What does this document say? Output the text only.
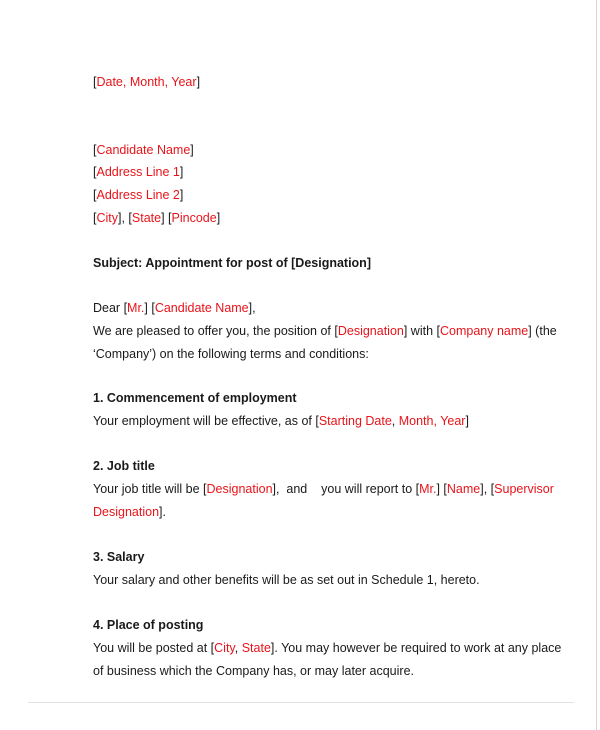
[Date, Month, Year]
[Candidate Name]
[Address Line 1]
[Address Line 2]
[City], [State] [Pincode]
Subject: Appointment for post of [Designation]
Dear [Mr.] [Candidate Name],
We are pleased to offer you, the position of [Designation] with [Company name] (the
‘Company’) on the following terms and conditions:
1. Commencement of employment
Your employment will be effective, as of [Starting Date, Month, Year]
2. Job title
Your job title will be [Designation],  and    you will report to [Mr.] [Name], [Supervisor
Designation].
3. Salary
Your salary and other benefits will be as set out in Schedule 1, hereto.
4. Place of posting
You will be posted at [City, State]. You may however be required to work at any place
of business which the Company has, or may later acquire.
